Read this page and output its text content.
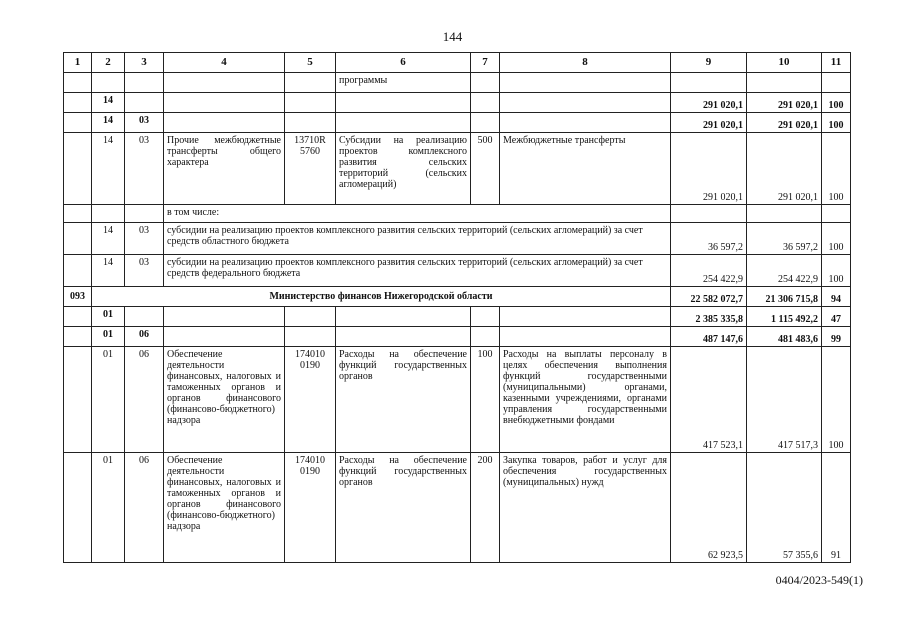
144
1	2	3	4	5	6	7	8	9	10	11
					программы					
	14							291 020,1	291 020,1	100
	14	03						291 020,1	291 020,1	100
	14	03	Прочие межбюджетные трансферты общего характера	13710R 5760	Субсидии на реализацию проектов комплексного развития сельских территорий (сельских агломераций)	500	Межбюджетные трансферты	291 020,1	291 020,1	100
			в том числе:							
	14	03	субсидии на реализацию проектов комплексного развития сельских территорий (сельских агломераций) за счет средств областного бюджета					36 597,2	36 597,2	100
	14	03	субсидии на реализацию проектов комплексного развития сельских территорий (сельских агломераций) за счет средств федерального бюджета					254 422,9	254 422,9	100
093	Министерство финансов Нижегородской области							22 582 072,7	21 306 715,8	94
	01							2 385 335,8	1 115 492,2	47
	01	06						487 147,6	481 483,6	99
	01	06	Обеспечение деятельности финансовых, налоговых и таможенных органов и органов финансового (финансово-бюджетного) надзора	174010 0190	Расходы на обеспечение функций государственных органов	100	Расходы на выплаты персоналу в целях обеспечения выполнения функций государственными (муниципальными) органами, казенными учреждениями, органами управления государственными внебюджетными фондами	417 523,1	417 517,3	100
	01	06	Обеспечение деятельности финансовых, налоговых и таможенных органов и органов финансового (финансово-бюджетного) надзора	174010 0190	Расходы на обеспечение функций государственных органов	200	Закупка товаров, работ и услуг для обеспечения государственных (муниципальных) нужд	62 923,5	57 355,6	91
0404/2023-549(1)
